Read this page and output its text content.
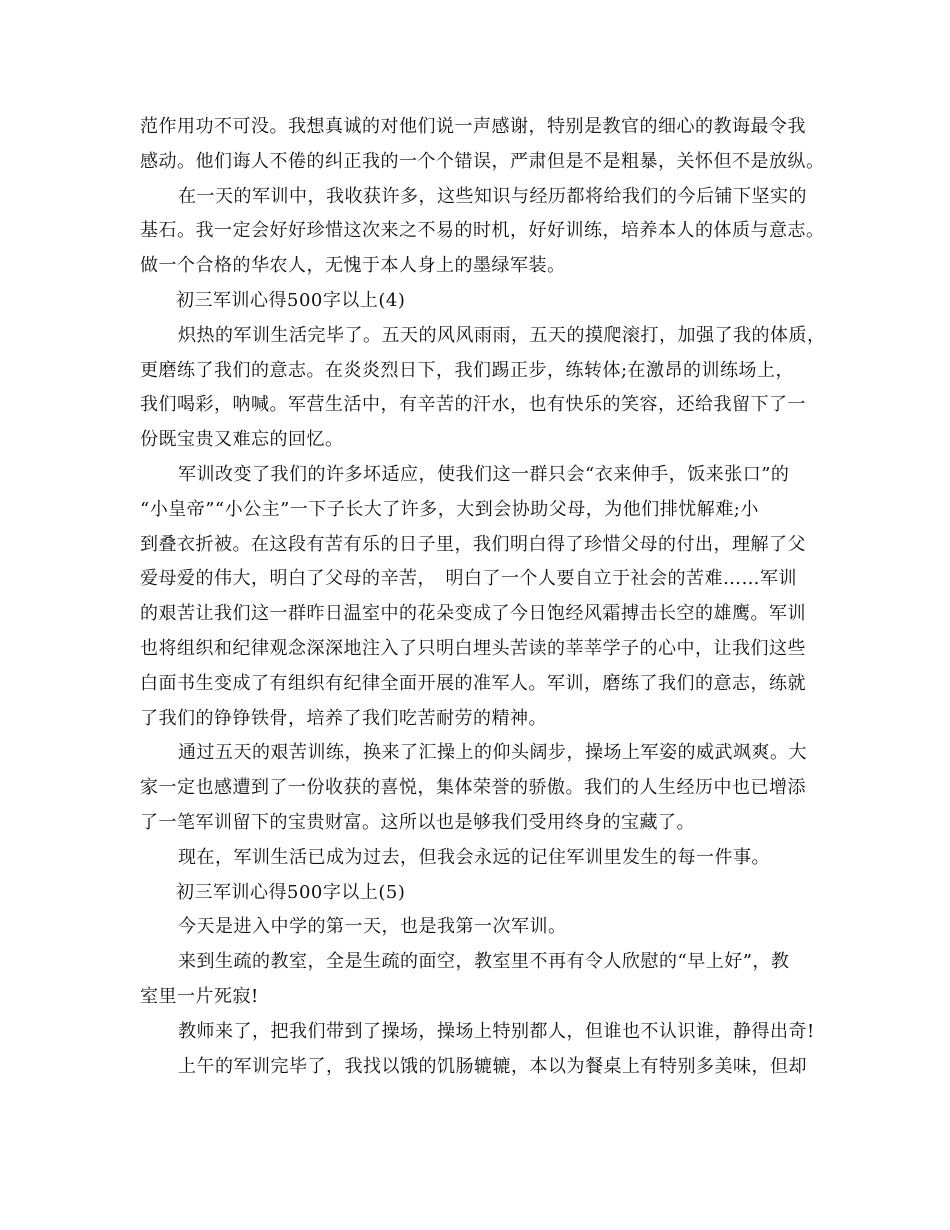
范作用功不可没。我想真诚的对他们说一声感谢，特别是教官的细心的教诲最令我
感动。他们诲人不倦的纠正我的一个个错误，严肃但是不是粗暴，关怀但不是放纵。
在一天的军训中，我收获许多，这些知识与经历都将给我们的今后铺下坚实的
基石。我一定会好好珍惜这次来之不易的时机，好好训练，培养本人的体质与意志。
做一个合格的华农人，无愧于本人身上的墨绿军装。
初三军训心得500字以上(4)
炽热的军训生活完毕了。五天的风风雨雨，五天的摸爬滚打，加强了我的体质，
更磨练了我们的意志。在炎炎烈日下，我们踢正步，练转体;在激昂的训练场上，
我们喝彩，呐喊。军营生活中，有辛苦的汗水，也有快乐的笑容，还给我留下了一
份既宝贵又难忘的回忆。
军训改变了我们的许多坏适应，使我们这一群只会“衣来伸手，饭来张口”的
“小皇帝”“小公主”一下子长大了许多，大到会协助父母，为他们排忧解难;小
到叠衣折被。在这段有苦有乐的日子里，我们明白得了珍惜父母的付出，理解了父
爱母爱的伟大，明白了父母的辛苦，　明白了一个人要自立于社会的苦难……军训
的艰苦让我们这一群昨日温室中的花朵变成了今日饱经风霜搏击长空的雄鹰。军训
也将组织和纪律观念深深地注入了只明白埋头苦读的莘莘学子的心中，让我们这些
白面书生变成了有组织有纪律全面开展的准军人。军训，磨练了我们的意志，练就
了我们的铮铮铁骨，培养了我们吃苦耐劳的精神。
通过五天的艰苦训练，换来了汇操上的仰头阔步，操场上军姿的威武飒爽。大
家一定也感遭到了一份收获的喜悦，集体荣誉的骄傲。我们的人生经历中也已增添
了一笔军训留下的宝贵财富。这所以也是够我们受用终身的宝藏了。
现在，军训生活已成为过去，但我会永远的记住军训里发生的每一件事。
初三军训心得500字以上(5)
今天是进入中学的第一天，也是我第一次军训。
来到生疏的教室，全是生疏的面空，教室里不再有令人欣慰的“早上好”，教
室里一片死寂!
教师来了，把我们带到了操场，操场上特别都人，但谁也不认识谁，静得出奇!
上午的军训完毕了，我找以饿的饥肠辘辘，本以为餐桌上有特别多美味，但却
